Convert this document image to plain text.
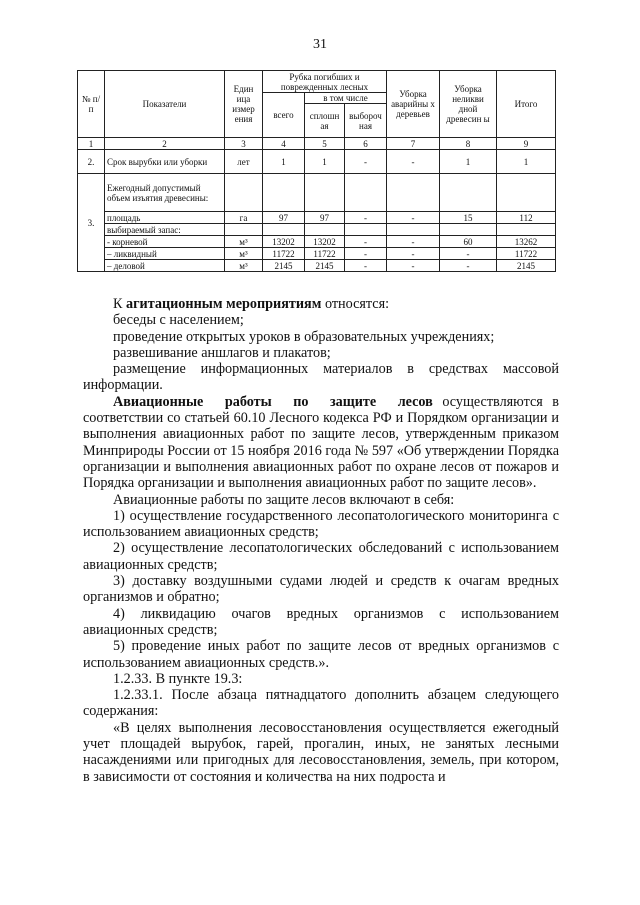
31
№ п/п	Показатели	Един ица измер ения	Рубка погибших и поврежденных лесных			Уборка аварийны х деревьев	Уборка неликви дной древесин ы	Итого
			всего	в том числе				
				сплошн ая	выбороч ная			
1	2	3	4	5	6	7	8	9
2.	Срок вырубки или уборки	лет	1	1	-	-	1	1
3.	Ежегодный допустимый объем изъятия древесины:							
	площадь	га	97	97	-	-	15	112
	выбираемый запас:							
	- корневой	м³	13202	13202	-	-	60	13262
	– ликвидный	м³	11722	11722	-	-	-	11722
	– деловой	м³	2145	2145	-	-	-	2145

К агитационным мероприятиям относятся:

беседы с населением;

проведение открытых уроков в образовательных учреждениях;

развешивание аншлагов и плакатов;

размещение информационных материалов в средствах массовой информации.

Авиационные работы по защите лесов осуществляются в соответствии со статьей 60.10 Лесного кодекса РФ и Порядком организации и выполнения авиационных работ по защите лесов, утвержденным приказом Минприроды России от 15 ноября 2016 года № 597 «Об утверждении Порядка организации и выполнения авиационных работ по охране лесов от пожаров и Порядка организации и выполнения авиационных работ по защите лесов».

Авиационные работы по защите лесов включают в себя:

1) осуществление государственного лесопатологического мониторинга с использованием авиационных средств;

2) осуществление лесопатологических обследований с использованием авиационных средств;

3) доставку воздушными судами людей и средств к очагам вредных организмов и обратно;

4) ликвидацию очагов вредных организмов с использованием авиационных средств;

5) проведение иных работ по защите лесов от вредных организмов с использованием авиационных средств.».

1.2.33. В пункте 19.3:

1.2.33.1. После абзаца пятнадцатого дополнить абзацем следующего содержания:

«В целях выполнения лесовосстановления осуществляется ежегодный учет площадей вырубок, гарей, прогалин, иных, не занятых лесными насаждениями или пригодных для лесовосстановления, земель, при котором, в зависимости от состояния и количества на них подроста и
